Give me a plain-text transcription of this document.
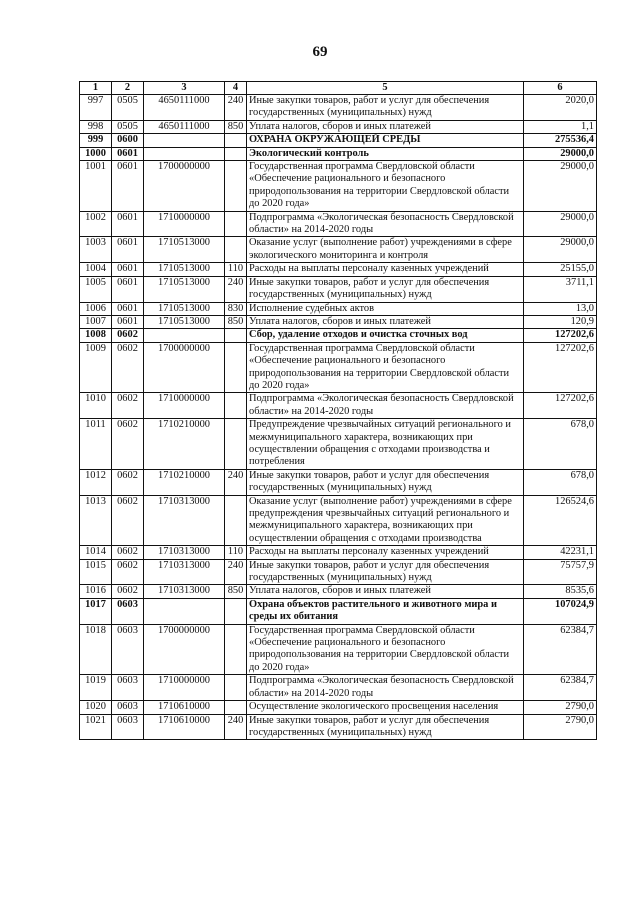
69
1	2	3	4	5	6
997	0505	4650111000	240	Иные закупки товаров, работ и услуг для обеспечения государственных (муниципальных) нужд	2020,0
998	0505	4650111000	850	Уплата налогов, сборов и иных платежей	1,1
999	0600			ОХРАНА ОКРУЖАЮЩЕЙ СРЕДЫ	275536,4
1000	0601			Экологический контроль	29000,0
1001	0601	1700000000		Государственная программа Свердловской области «Обеспечение рационального и безопасного природопользования на территории Свердловской области до 2020 года»	29000,0
1002	0601	1710000000		Подпрограмма «Экологическая безопасность Свердловской области» на 2014-2020 годы	29000,0
1003	0601	1710513000		Оказание услуг (выполнение работ) учреждениями в сфере экологического мониторинга и контроля	29000,0
1004	0601	1710513000	110	Расходы на выплаты персоналу казенных учреждений	25155,0
1005	0601	1710513000	240	Иные закупки товаров, работ и услуг для обеспечения государственных (муниципальных) нужд	3711,1
1006	0601	1710513000	830	Исполнение судебных актов	13,0
1007	0601	1710513000	850	Уплата налогов, сборов и иных платежей	120,9
1008	0602			Сбор, удаление отходов и очистка сточных вод	127202,6
1009	0602	1700000000		Государственная программа Свердловской области «Обеспечение рационального и безопасного природопользования на территории Свердловской области до 2020 года»	127202,6
1010	0602	1710000000		Подпрограмма «Экологическая безопасность Свердловской области» на 2014-2020 годы	127202,6
1011	0602	1710210000		Предупреждение чрезвычайных ситуаций регионального и межмуниципального характера, возникающих при осуществлении обращения с отходами производства и потребления	678,0
1012	0602	1710210000	240	Иные закупки товаров, работ и услуг для обеспечения государственных (муниципальных) нужд	678,0
1013	0602	1710313000		Оказание услуг (выполнение работ) учреждениями в сфере предупреждения чрезвычайных ситуаций регионального и межмуниципального характера, возникающих при осуществлении обращения с отходами производства	126524,6
1014	0602	1710313000	110	Расходы на выплаты персоналу казенных учреждений	42231,1
1015	0602	1710313000	240	Иные закупки товаров, работ и услуг для обеспечения государственных (муниципальных) нужд	75757,9
1016	0602	1710313000	850	Уплата налогов, сборов и иных платежей	8535,6
1017	0603			Охрана объектов растительного и животного мира и среды их обитания	107024,9
1018	0603	1700000000		Государственная программа Свердловской области «Обеспечение рационального и безопасного природопользования на территории Свердловской области до 2020 года»	62384,7
1019	0603	1710000000		Подпрограмма «Экологическая безопасность Свердловской области» на 2014-2020 годы	62384,7
1020	0603	1710610000		Осуществление экологического просвещения населения	2790,0
1021	0603	1710610000	240	Иные закупки товаров, работ и услуг для обеспечения государственных (муниципальных) нужд	2790,0
